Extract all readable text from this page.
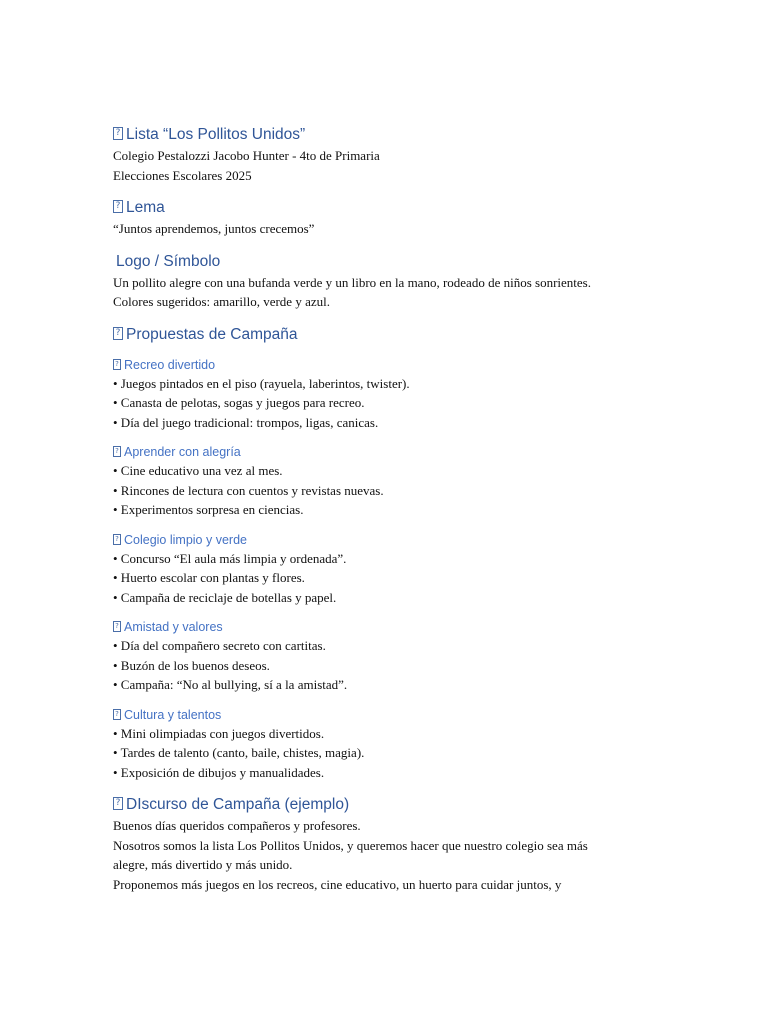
?Lista “Los Pollitos Unidos”
Colegio Pestalozzi Jacobo Hunter - 4to de Primaria
Elecciones Escolares 2025
?Lema
“Juntos aprendemos, juntos crecemos”
Logo / Símbolo
Un pollito alegre con una bufanda verde y un libro en la mano, rodeado de niños sonrientes.
Colores sugeridos: amarillo, verde y azul.
?Propuestas de Campaña
?Recreo divertido
• Juegos pintados en el piso (rayuela, laberintos, twister).
• Canasta de pelotas, sogas y juegos para recreo.
• Día del juego tradicional: trompos, ligas, canicas.
?Aprender con alegría
• Cine educativo una vez al mes.
• Rincones de lectura con cuentos y revistas nuevas.
• Experimentos sorpresa en ciencias.
?Colegio limpio y verde
• Concurso “El aula más limpia y ordenada”.
• Huerto escolar con plantas y flores.
• Campaña de reciclaje de botellas y papel.
?Amistad y valores
• Día del compañero secreto con cartitas.
• Buzón de los buenos deseos.
• Campaña: “No al bullying, sí a la amistad”.
?Cultura y talentos
• Mini olimpiadas con juegos divertidos.
• Tardes de talento (canto, baile, chistes, magia).
• Exposición de dibujos y manualidades.
?DIscurso de Campaña (ejemplo)
Buenos días queridos compañeros y profesores.
Nosotros somos la lista Los Pollitos Unidos, y queremos hacer que nuestro colegio sea más
alegre, más divertido y más unido.
Proponemos más juegos en los recreos, cine educativo, un huerto para cuidar juntos, y
